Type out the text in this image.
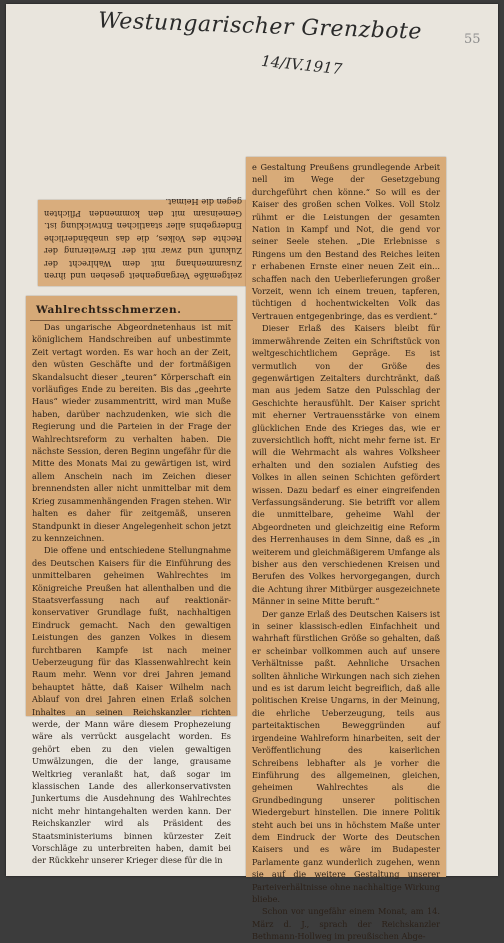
Westungarischer Grenzbote
14/IV.1917
55
zeitgemäße Vergangenheit gesehen und ihren Zusammenhang mit dem Wahlrecht der Zukunft und zwar mit der Erweiterung der Rechte des Volkes, die das unabänderliche Endergebnis aller staatlichen Entwicklung ist. Gemeinsam mit den kommenden Pflichten gegen die Heimat.

e Gestaltung Preußens grundlegende Arbeit nell im Wege der Gesetzgebung durchgeführt chen könne.“ So will es der Kaiser des großen schen Volkes. Voll Stolz rühmt er die Leistungen der gesamten Nation in Kampf und Not, die gend vor seiner Seele stehen. „Die Erlebnisse s Ringens um den Bestand des Reiches leiten r erhabenen Ernste einer neuen Zeit ein... schaffen nach den Ueberlieferungen großer Vorzeit, wenn ich einem treuen, tapferen, tüchtigen d hochentwickelten Volk das Vertrauen entgegenbringe, das es verdient.“

Dieser Erlaß des Kaisers bleibt für immerwährende Zeiten ein Schriftstück von weltgeschichtlichem Gepräge. Es ist vermutlich von der Größe des gegenwärtigen Zeitalters durchtränkt, daß man aus jedem Satze den Pulsschlag der Geschichte herausfühlt. Der Kaiser spricht mit eherner Vertrauensstärke von einem glücklichen Ende des Krieges das, wie er zuversichtlich hofft, nicht mehr ferne ist. Er will die Wehrmacht als wahres Volksheer erhalten und den sozialen Aufstieg des Volkes in allen seinen Schichten gefördert wissen. Dazu bedarf es einer eingreifenden Verfassungsänderung. Sie betrifft vor allem die unmittelbare, geheime Wahl der Abgeordneten und gleichzeitig eine Reform des Herrenhauses in dem Sinne, daß es „in weiterem und gleichmäßigerem Umfange als bisher aus den verschiedenen Kreisen und Berufen des Volkes hervorgegangen, durch die Achtung ihrer Mitbürger ausgezeichnete Männer in seine Mitte beruft.“

Der ganze Erlaß des Deutschen Kaisers ist in seiner klassisch-edlen Einfachheit und wahrhaft fürstlichen Größe so gehalten, daß er scheinbar vollkommen auch auf unsere Verhältnisse paßt. Aehnliche Ursachen sollten ähnliche Wirkungen nach sich ziehen und es ist darum leicht begreiflich, daß alle politischen Kreise Ungarns, in der Meinung, die ehrliche Ueberzeugung, teils aus parteitaktischen Beweggründen auf irgendeine Wahlreform hinarbeiten, seit der Veröffentlichung des kaiserlichen Schreibens lebhafter als je vorher die Einführung des allgemeinen, gleichen, geheimen Wahlrechtes als die Grundbedingung unserer politischen Wiedergeburt hinstellen. Die innere Politik steht auch bei uns in höchstem Maße unter dem Eindruck der Worte des Deutschen Kaisers und es wäre im Budapester Parlamente ganz wunderlich zugehen, wenn sie auf die weitere Gestaltung unserer Parteiverhältnisse ohne nachhaltige Wirkung bliebe.

Schon vor ungefähr einem Monat, am 14. März d. J., sprach der Reichskanzler Bethmann-Hollweg im preußischen Abge-

Wahlrechtsschmerzen.

Das ungarische Abgeordnetenhaus ist mit königlichem Handschreiben auf unbestimmte Zeit vertagt worden. Es war hoch an der Zeit, den wüsten Geschäfte und der fortmäßigen Skandalsucht dieser „teuren“ Körperschaft ein vorläufiges Ende zu bereiten. Bis das „geehrte Haus“ wieder zusammentritt, wird man Muße haben, darüber nachzudenken, wie sich die Regierung und die Parteien in der Frage der Wahlrechtsreform zu verhalten haben. Die nächste Session, deren Beginn ungefähr für die Mitte des Monats Mai zu gewärtigen ist, wird allem Anschein nach im Zeichen dieser brennendsten aller nicht unmittelbar mit dem Krieg zusammenhängenden Fragen stehen. Wir halten es daher für zeitgemäß, unseren Standpunkt in dieser Angelegenheit schon jetzt zu kennzeichnen.

Die offene und entschiedene Stellungnahme des Deutschen Kaisers für die Einführung des unmittelbaren geheimen Wahlrechtes im Königreiche Preußen hat allenthalben und die Staatsverfassung nach auf reaktionär-konservativer Grundlage fußt, nachhaltigen Eindruck gemacht. Nach den gewaltigen Leistungen des ganzen Volkes in diesem furchtbaren Kampfe ist nach meiner Ueberzeugung für das Klassenwahlrecht kein Raum mehr. Wenn vor drei Jahren jemand behauptet hätte, daß Kaiser Wilhelm nach Ablauf von drei Jahren einen Erlaß solchen Inhaltes an seinen Reichskanzler richten werde, der Mann wäre diesem Prophezeiung wäre als verrückt ausgelacht worden. Es gehört eben zu den vielen gewaltigen Umwälzungen, die der lange, grausame Weltkrieg veranlaßt hat, daß sogar im klassischen Lande des allerkonservativsten Junkertums die Ausdehnung des Wahlrechtes nicht mehr hintangehalten werden kann. Der Reichskanzler wird als Präsident des Staatsministeriums binnen kürzester Zeit Vorschläge zu unterbreiten haben, damit bei der Rückkehr unserer Krieger diese für die in
